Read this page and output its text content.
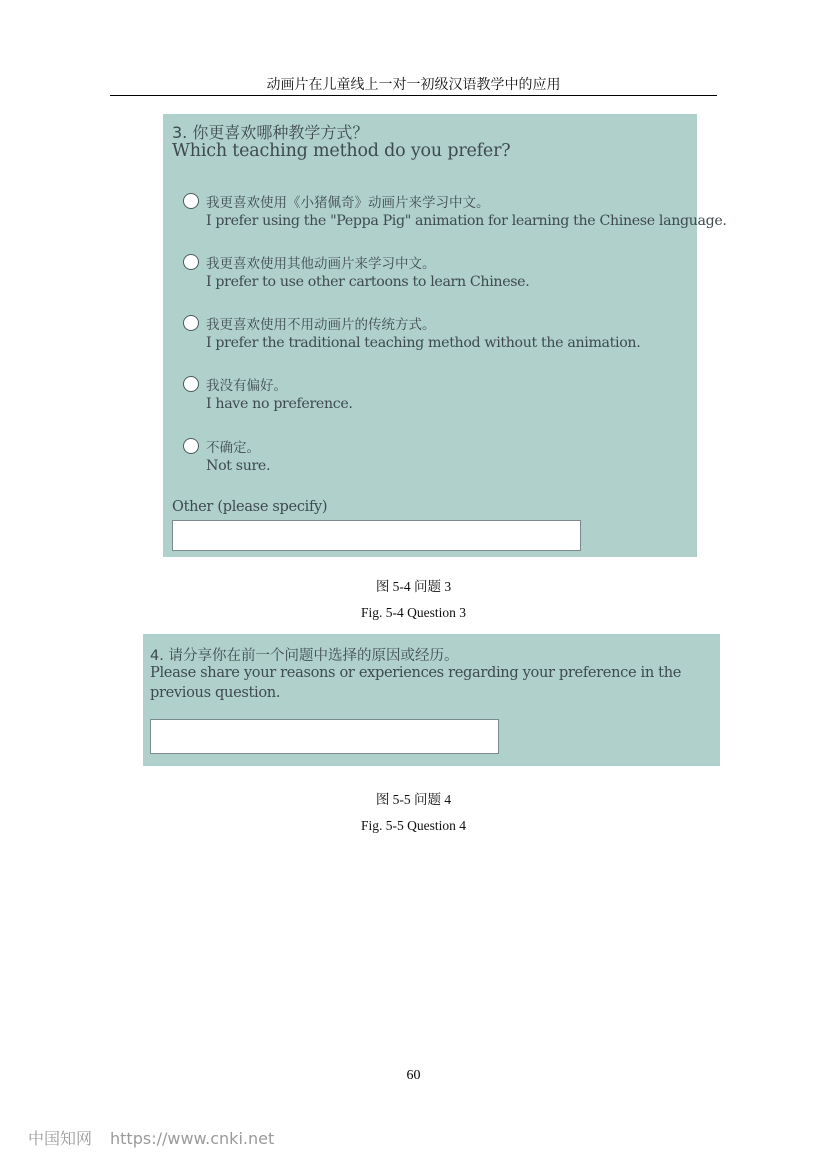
动画片在儿童线上一对一初级汉语教学中的应用
3. 你更喜欢哪种教学方式？
Which teaching method do you prefer?
我更喜欢使用《小猪佩奇》动画片来学习中文。
I prefer using the "Peppa Pig" animation for learning the Chinese language.
我更喜欢使用其他动画片来学习中文。
I prefer to use other cartoons to learn Chinese.
我更喜欢使用不用动画片的传统方式。
I prefer the traditional teaching method without the animation.
我没有偏好。
I have no preference.
不确定。
Not sure.
Other (please specify)
图 5-4 问题 3
Fig. 5-4 Question 3
4. 请分享你在前一个问题中选择的原因或经历。
Please share your reasons or experiences regarding your preference in the previous question.
图 5-5 问题 4
Fig. 5-5 Question 4
60
中国知网 https://www.cnki.net
